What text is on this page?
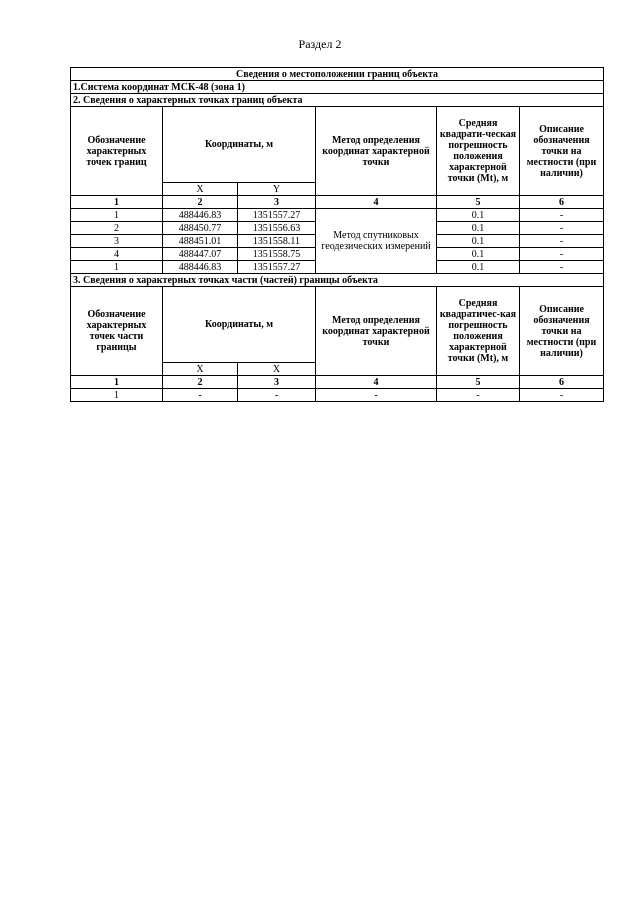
Раздел 2
Сведения о местоположении границ объекта					
1.Система координат МСК-48 (зона 1)					
2. Сведения о характерных точках границ объекта					
Обозначение характерных точек границ	Координаты, м		Метод определения координат характерной точки	Средняя квадрати-ческая погрешность положения характерной точки (Mt), м	Описание обозначения точки на местности (при наличии)
	X	Y			
1	2	3	4	5	6
1	488446.83	1351557.27	Метод спутниковых геодезических измерений	0.1	-
2	488450.77	1351556.63		0.1	-
3	488451.01	1351558.11		0.1	-
4	488447.07	1351558.75		0.1	-
1	488446.83	1351557.27		0.1	-
3. Сведения о характерных точках части (частей) границы объекта					
Обозначение характерных точек части границы	Координаты, м		Метод определения координат характерной точки	Средняя квадратичес-кая погрешность положения характерной точки (Mt), м	Описание обозначения точки на местности (при наличии)
	X	X			
1	2	3	4	5	6
1	-	-	-	-	-
